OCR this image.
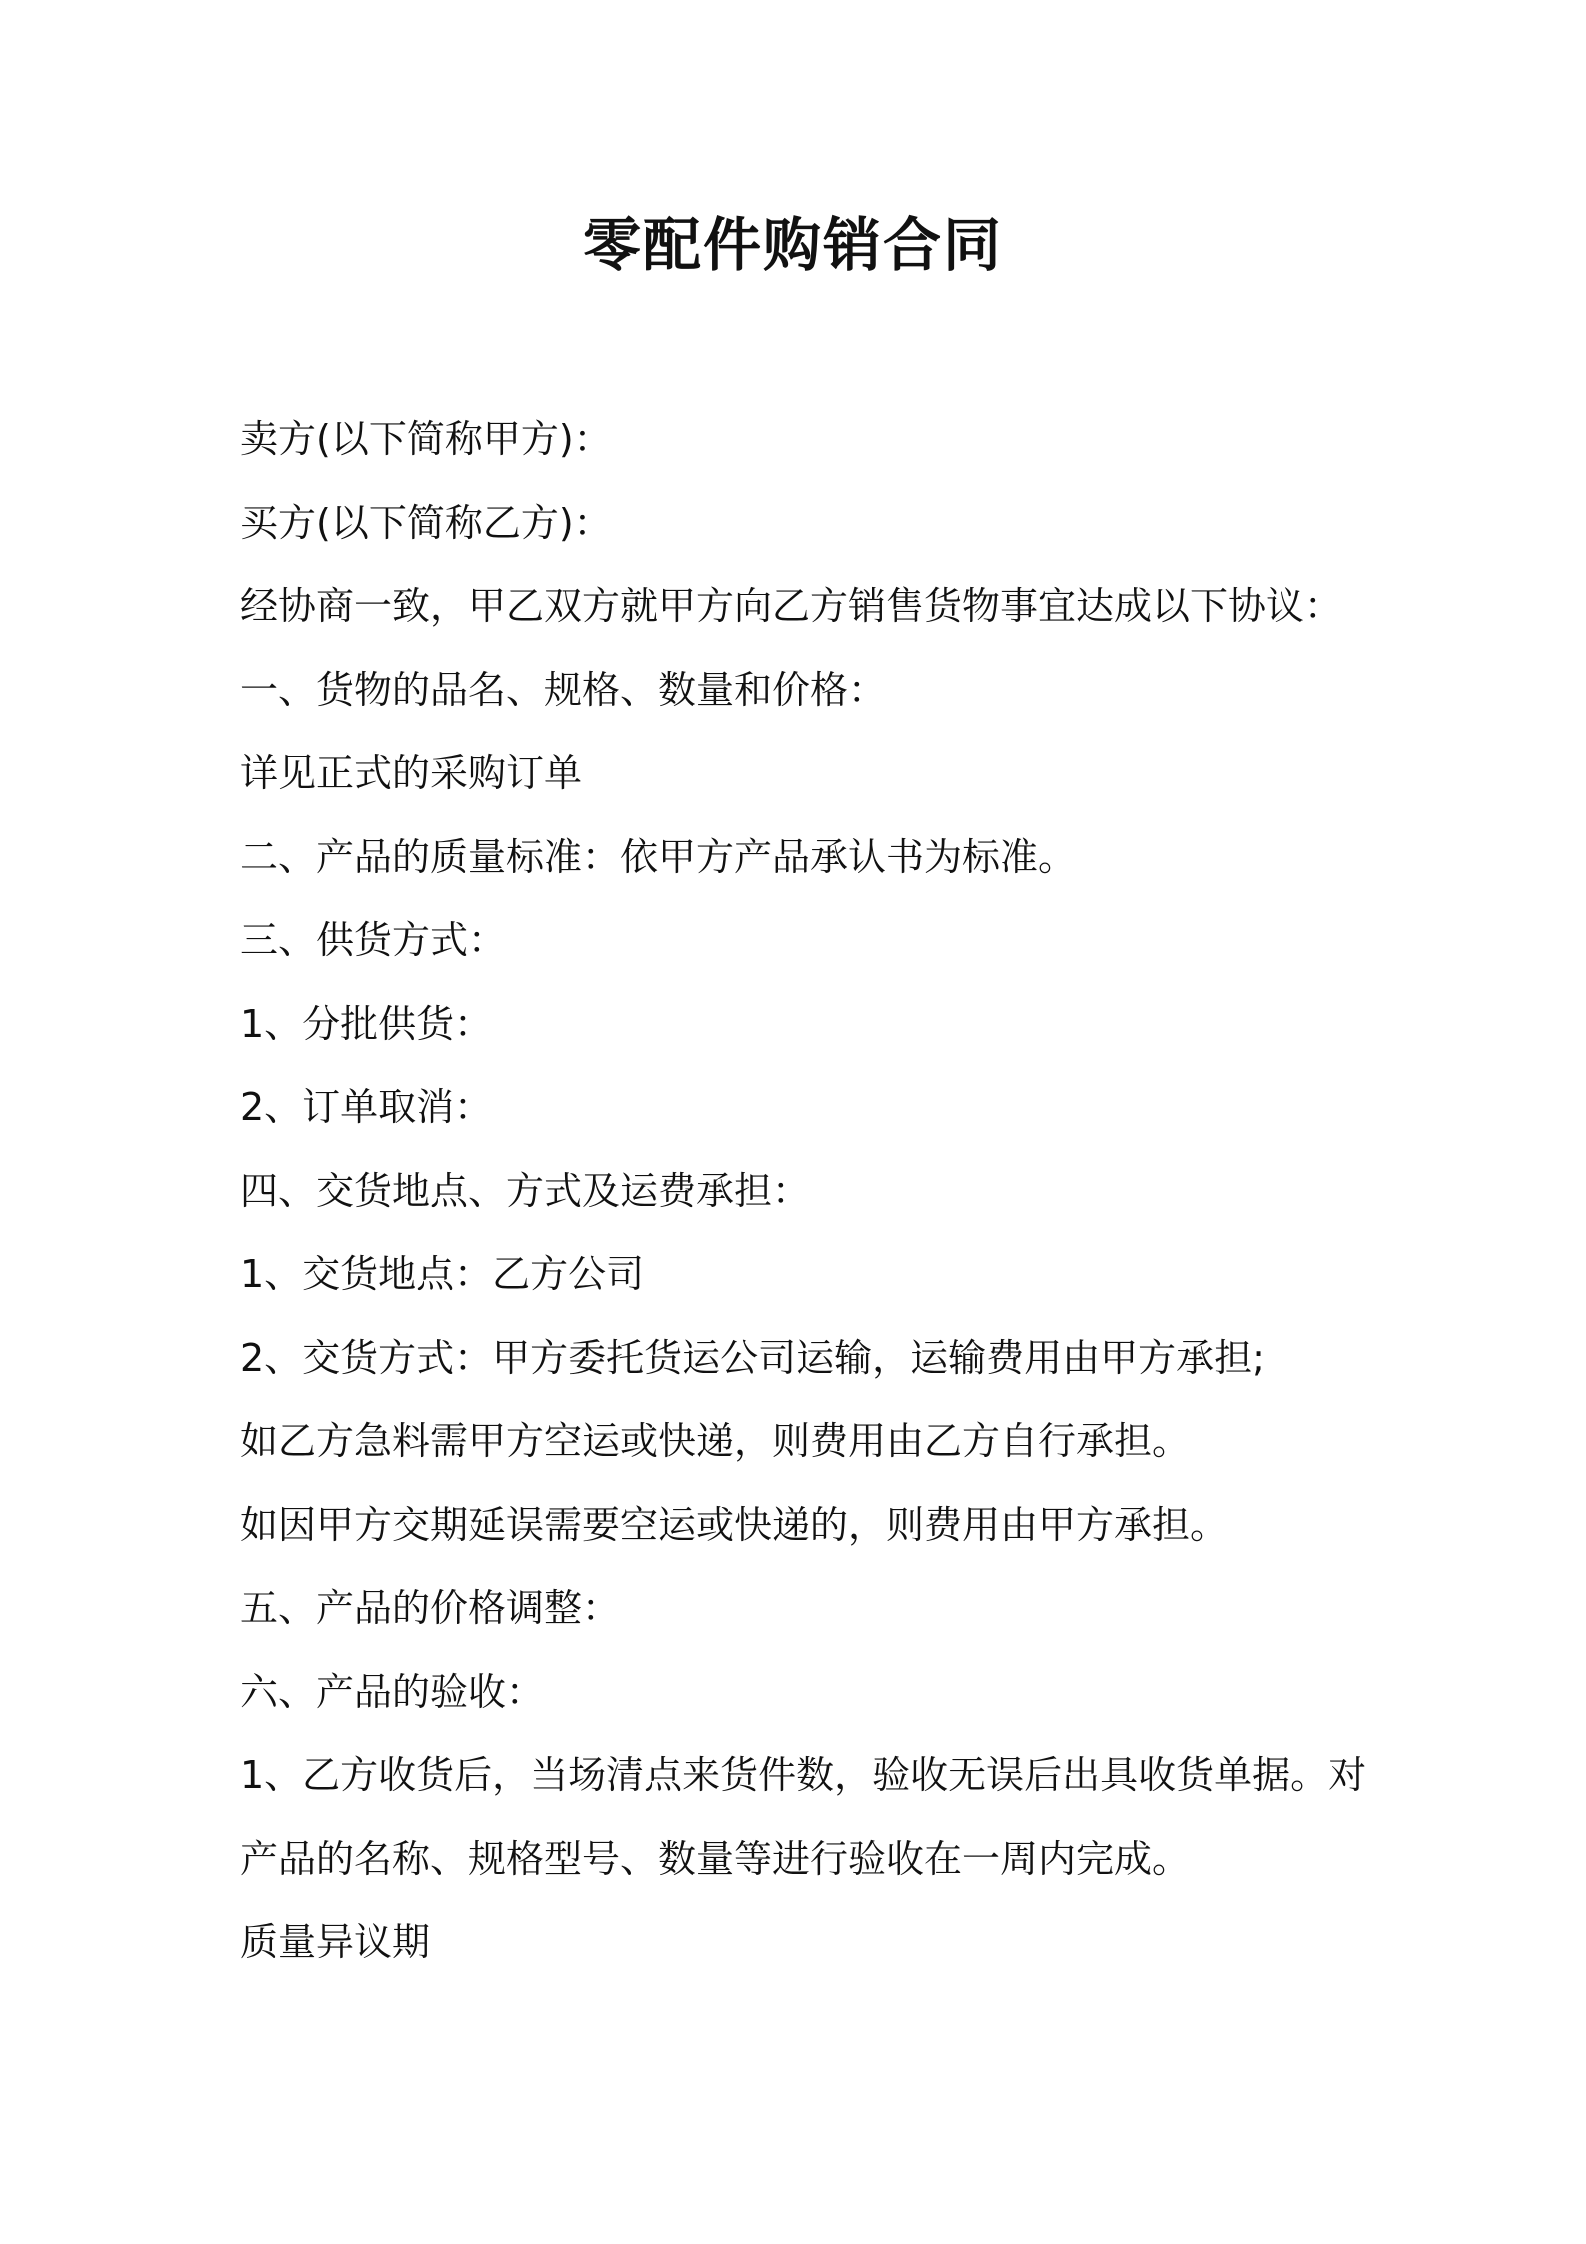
零配件购销合同

卖方(以下简称甲方)：

买方(以下简称乙方)：

经协商一致，甲乙双方就甲方向乙方销售货物事宜达成以下协议：

一、货物的品名、规格、数量和价格：

详见正式的采购订单

二、产品的质量标准：依甲方产品承认书为标准。

三、供货方式：

1、分批供货：

2、订单取消：

四、交货地点、方式及运费承担：

1、交货地点：乙方公司

2、交货方式：甲方委托货运公司运输，运输费用由甲方承担;

如乙方急料需甲方空运或快递，则费用由乙方自行承担。

如因甲方交期延误需要空运或快递的，则费用由甲方承担。

五、产品的价格调整：

六、产品的验收：

1、乙方收货后，当场清点来货件数，验收无误后出具收货单据。对

产品的名称、规格型号、数量等进行验收在一周内完成。

质量异议期
